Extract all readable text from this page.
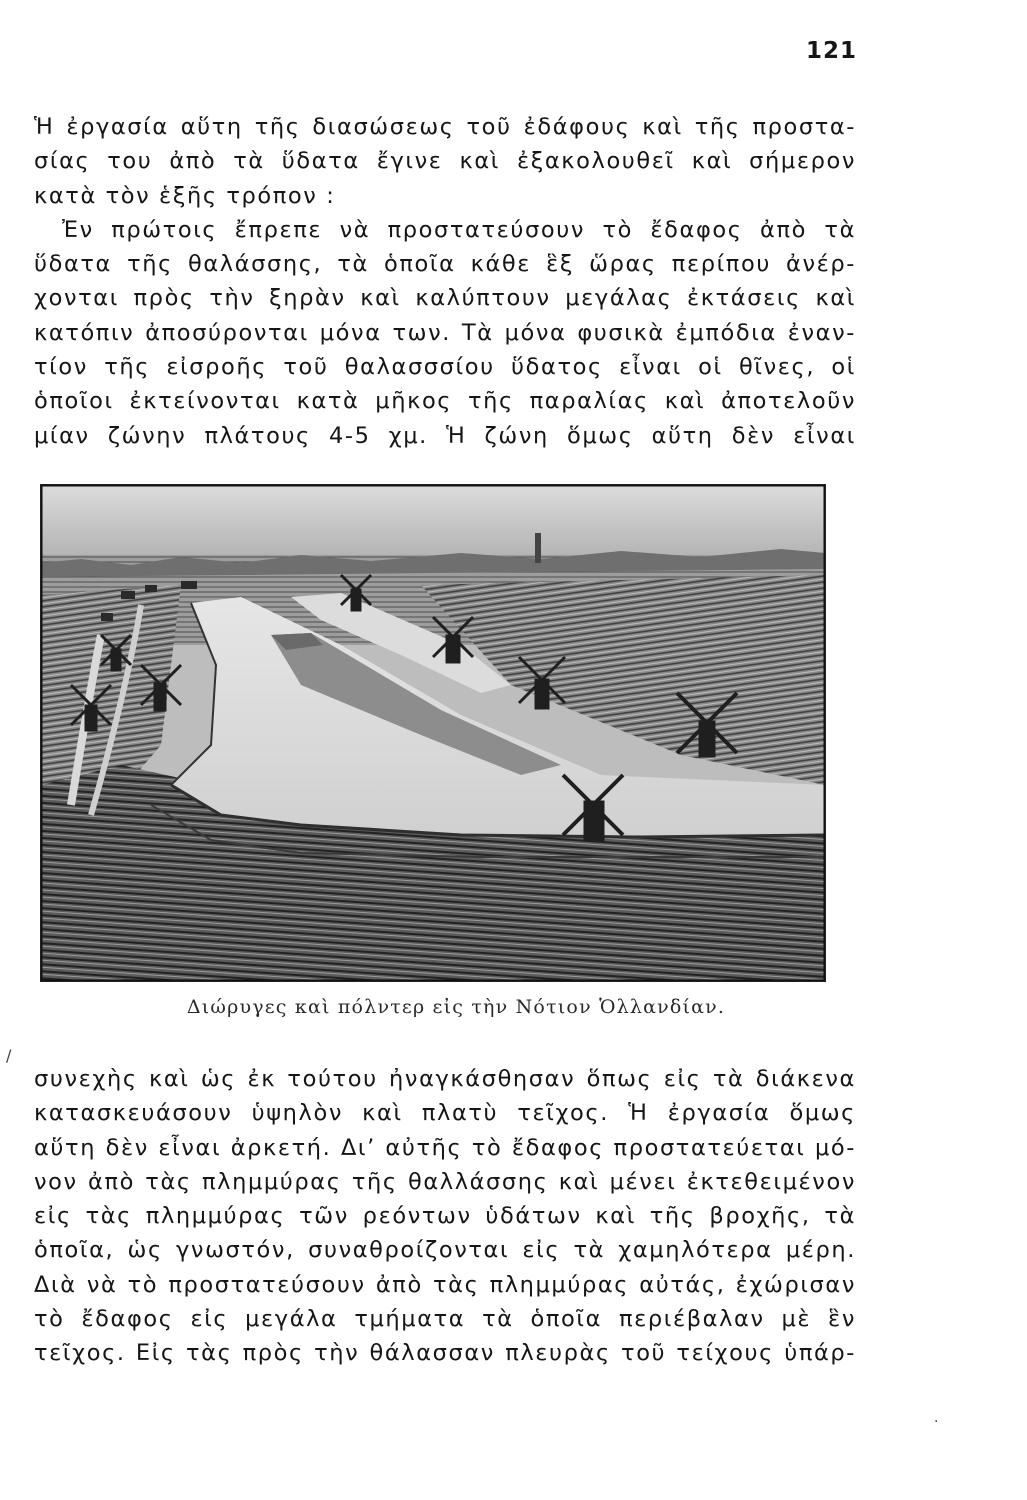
121
Ἡ ἐργασία αὕτη τῆς διασώσεως τοῦ ἐδάφους καὶ τῆς προστα-
σίας του ἀπὸ τὰ ὕδατα ἔγινε καὶ ἐξακολουθεῖ καὶ σήμερον
κατὰ τὸν ἑξῆς τρόπον :
Ἐν πρώτοις ἔπρεπε νὰ προστατεύσουν τὸ ἔδαφος ἀπὸ τὰ
ὕδατα τῆς θαλάσσης, τὰ ὁποῖα κάθε ἓξ ὥρας περίπου ἀνέρ-
χονται πρὸς τὴν ξηρὰν καὶ καλύπτουν μεγάλας ἐκτάσεις καὶ
κατόπιν ἀποσύρονται μόνα των. Τὰ μόνα φυσικὰ ἐμπόδια ἐναν-
τίον τῆς εἰσροῆς τοῦ θαλασσσίου ὕδατος εἶναι οἱ θῖνες, οἱ
ὁποῖοι ἐκτείνονται κατὰ μῆκος τῆς παραλίας καὶ ἀποτελοῦν
μίαν ζώνην πλάτους 4-5 χμ. Ἡ ζώνη ὅμως αὕτη δὲν εἶναι
Διώρυγες καὶ πόλντερ εἰς τὴν Νότιον Ὁλλανδίαν.
/
·
συνεχὴς καὶ ὡς ἐκ τούτου ἠναγκάσθησαν ὅπως εἰς τὰ διάκενα
κατασκευάσουν ὑψηλὸν καὶ πλατὺ τεῖχος. Ἡ ἐργασία ὅμως
αὕτη δὲν εἶναι ἀρκετή. Δι’ αὐτῆς τὸ ἔδαφος προστατεύεται μό-
νον ἀπὸ τὰς πλημμύρας τῆς θαλλάσσης καὶ μένει ἐκτεθειμένον
εἰς τὰς πλημμύρας τῶν ρεόντων ὑδάτων καὶ τῆς βροχῆς, τὰ
ὁποῖα, ὡς γνωστόν, συναθροίζονται εἰς τὰ χαμηλότερα μέρη.
Διὰ νὰ τὸ προστατεύσουν ἀπὸ τὰς πλημμύρας αὐτάς, ἐχώρισαν
τὸ ἔδαφος εἰς μεγάλα τμήματα τὰ ὁποῖα περιέβαλαν μὲ ἓν
τεῖχος. Εἰς τὰς πρὸς τὴν θάλασσαν πλευρὰς τοῦ τείχους ὑπάρ-
